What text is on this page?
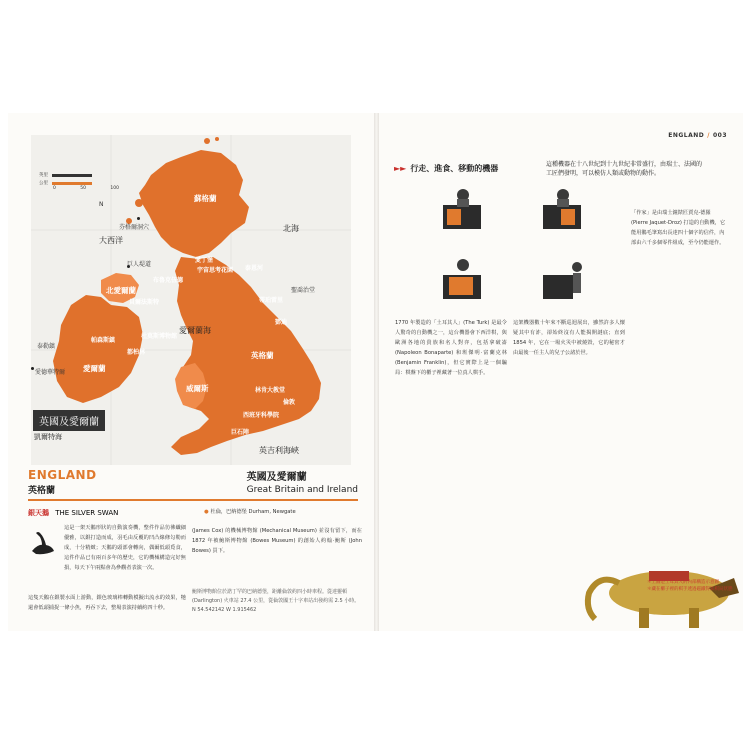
英里
公里
0	50	100
N
大西洋
北海
愛爾蘭海
英吉利海峽
蘇格蘭
北愛爾蘭
愛爾蘭
威爾斯
英格蘭
芬格爾洞穴
巨人堤道
布魯克伍德
愛丁堡
宇宙思考花園 泰恩河
都柏林
帕森斯鎮
貝爾法斯特
杜莫斯博物館
林肯大教堂
西班牙科學院
巨石陣
倫敦
鄧迪
蒂珀雷里
聖喬治堂
愛德華特爾
泰勒鎮
英國及愛爾蘭
凱爾特海
ENGLAND
英格蘭
英國及愛爾蘭
Great Britain and Ireland
銀天鵝 THE SILVER SWAN
這是一架天鵝形狀的自動演奏機，整件作品彷彿纖細優雅，以銀打造而成，羽毛由反覆的凹凸線條勾勒而成，十分精緻；天鵝的頭部會轉向，偶爾低頭覓食，這件作品已有兩百多年的歷史，它的機械構造完好無損，每天下午兩點會為參觀者表演一次。
這隻天鵝在銀製水面上游動，銀色玻璃棒轉動模擬出流水的效果，牠還會低頭捕捉一條小魚，再吞下去，整場表演持續約四十秒。
(James Cox) 的機械博物館 (Mechanical Museum) 並沒有留下，而在 1872 年被鮑斯博物館 (Bowes Museum) 的創始人約翰·鮑斯 (John Bowes) 買下。
● 杜倫，巴納德堡 Durham, Newgate
鮑斯博物館位於諾丁罕的巴納德堡，距離倫敦約四小時車程。從達靈頓 (Darlington) 火車站 27.4 公里，從倫敦國王十字車站出發約需 2.5 小時。N 54.542142 W 1.915462
ENGLAND / 003
►► 行走、進食、移動的機器	這種機器在十八世紀到十九世紀非常盛行，由瑞士、法國的工匠們發明，可以模仿人類或動物的動作。
1770 年製造的「土耳其人」(The Turk) 是最令人驚奇的自動機之一，這台機器會下西洋棋，與歐洲各地的貴族和名人對弈，包括拿破崙 (Napoleon Bonaparte) 和班傑明·富蘭克林 (Benjamin Franklin)，但它實際上是一個騙局：棋盤下的櫃子裡藏著一位真人棋手。
這架機器數十年來不斷巡迴展出，雖然許多人懷疑其中有詐，卻始終沒有人能揭開謎底；直到 1854 年，它在一場火災中被燒毀，它的秘密才由最後一任主人的兒子公諸於世。
「作家」是由瑞士鐘錶匠賈克-德羅 (Pierre Jaquet-Droz) 打造的自動機，它能用鵝毛筆寫出長達四十個字的信件，內部由六千多個零件組成，至今仍能運作。
＊上圖是土耳其人的內部構造示意圖
＊藏在櫃子裡的棋手透過磁鐵得知棋局狀態
